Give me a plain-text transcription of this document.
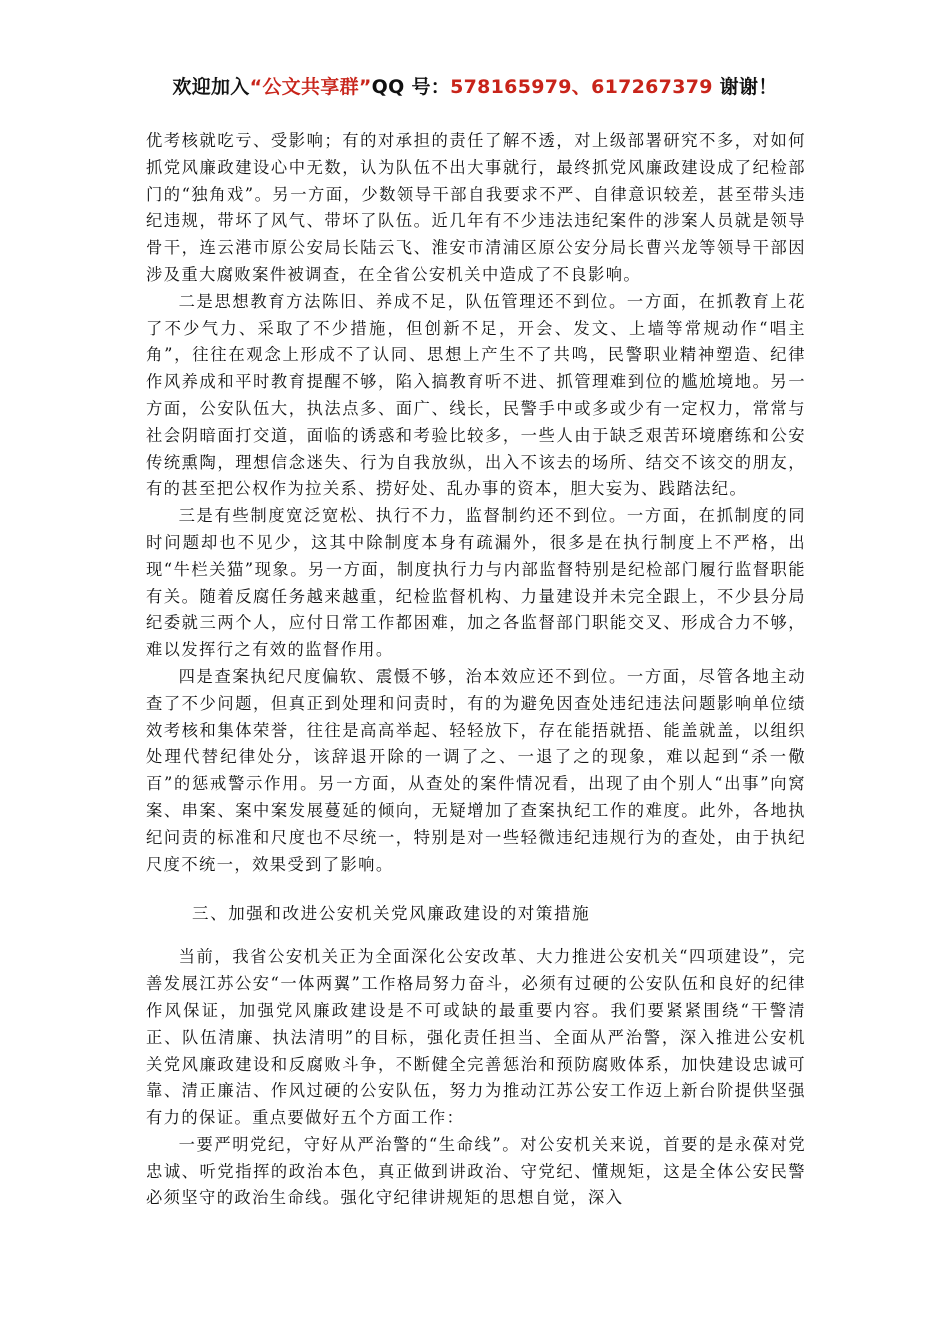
欢迎加入“公文共享群”QQ 号：578165979、617267379 谢谢！

优考核就吃亏、受影响；有的对承担的责任了解不透，对上级部署研究不多，对如何抓党风廉政建设心中无数，认为队伍不出大事就行，最终抓党风廉政建设成了纪检部门的“独角戏”。另一方面，少数领导干部自我要求不严、自律意识较差，甚至带头违纪违规，带坏了风气、带坏了队伍。近几年有不少违法违纪案件的涉案人员就是领导骨干，连云港市原公安局长陆云飞、淮安市清浦区原公安分局长曹兴龙等领导干部因涉及重大腐败案件被调查，在全省公安机关中造成了不良影响。

二是思想教育方法陈旧、养成不足，队伍管理还不到位。一方面，在抓教育上花了不少气力、采取了不少措施，但创新不足，开会、发文、上墙等常规动作“唱主角”，往往在观念上形成不了认同、思想上产生不了共鸣，民警职业精神塑造、纪律作风养成和平时教育提醒不够，陷入搞教育听不进、抓管理难到位的尴尬境地。另一方面，公安队伍大，执法点多、面广、线长，民警手中或多或少有一定权力，常常与社会阴暗面打交道，面临的诱惑和考验比较多，一些人由于缺乏艰苦环境磨练和公安传统熏陶，理想信念迷失、行为自我放纵，出入不该去的场所、结交不该交的朋友，有的甚至把公权作为拉关系、捞好处、乱办事的资本，胆大妄为、践踏法纪。

三是有些制度宽泛宽松、执行不力，监督制约还不到位。一方面，在抓制度的同时问题却也不见少，这其中除制度本身有疏漏外，很多是在执行制度上不严格，出现“牛栏关猫”现象。另一方面，制度执行力与内部监督特别是纪检部门履行监督职能有关。随着反腐任务越来越重，纪检监督机构、力量建设并未完全跟上，不少县分局纪委就三两个人，应付日常工作都困难，加之各监督部门职能交叉、形成合力不够，难以发挥行之有效的监督作用。

四是查案执纪尺度偏软、震慑不够，治本效应还不到位。一方面，尽管各地主动查了不少问题，但真正到处理和问责时，有的为避免因查处违纪违法问题影响单位绩效考核和集体荣誉，往往是高高举起、轻轻放下，存在能捂就捂、能盖就盖，以组织处理代替纪律处分，该辞退开除的一调了之、一退了之的现象，难以起到“杀一儆百”的惩戒警示作用。另一方面，从查处的案件情况看，出现了由个别人“出事”向窝案、串案、案中案发展蔓延的倾向，无疑增加了查案执纪工作的难度。此外，各地执纪问责的标准和尺度也不尽统一，特别是对一些轻微违纪违规行为的查处，由于执纪尺度不统一，效果受到了影响。

三、加强和改进公安机关党风廉政建设的对策措施

当前，我省公安机关正为全面深化公安改革、大力推进公安机关“四项建设”，完善发展江苏公安“一体两翼”工作格局努力奋斗，必须有过硬的公安队伍和良好的纪律作风保证，加强党风廉政建设是不可或缺的最重要内容。我们要紧紧围绕“干警清正、队伍清廉、执法清明”的目标，强化责任担当、全面从严治警，深入推进公安机关党风廉政建设和反腐败斗争，不断健全完善惩治和预防腐败体系，加快建设忠诚可靠、清正廉洁、作风过硬的公安队伍，努力为推动江苏公安工作迈上新台阶提供坚强有力的保证。重点要做好五个方面工作：

一要严明党纪，守好从严治警的“生命线”。对公安机关来说，首要的是永葆对党忠诚、听党指挥的政治本色，真正做到讲政治、守党纪、懂规矩，这是全体公安民警必须坚守的政治生命线。强化守纪律讲规矩的思想自觉，深入
